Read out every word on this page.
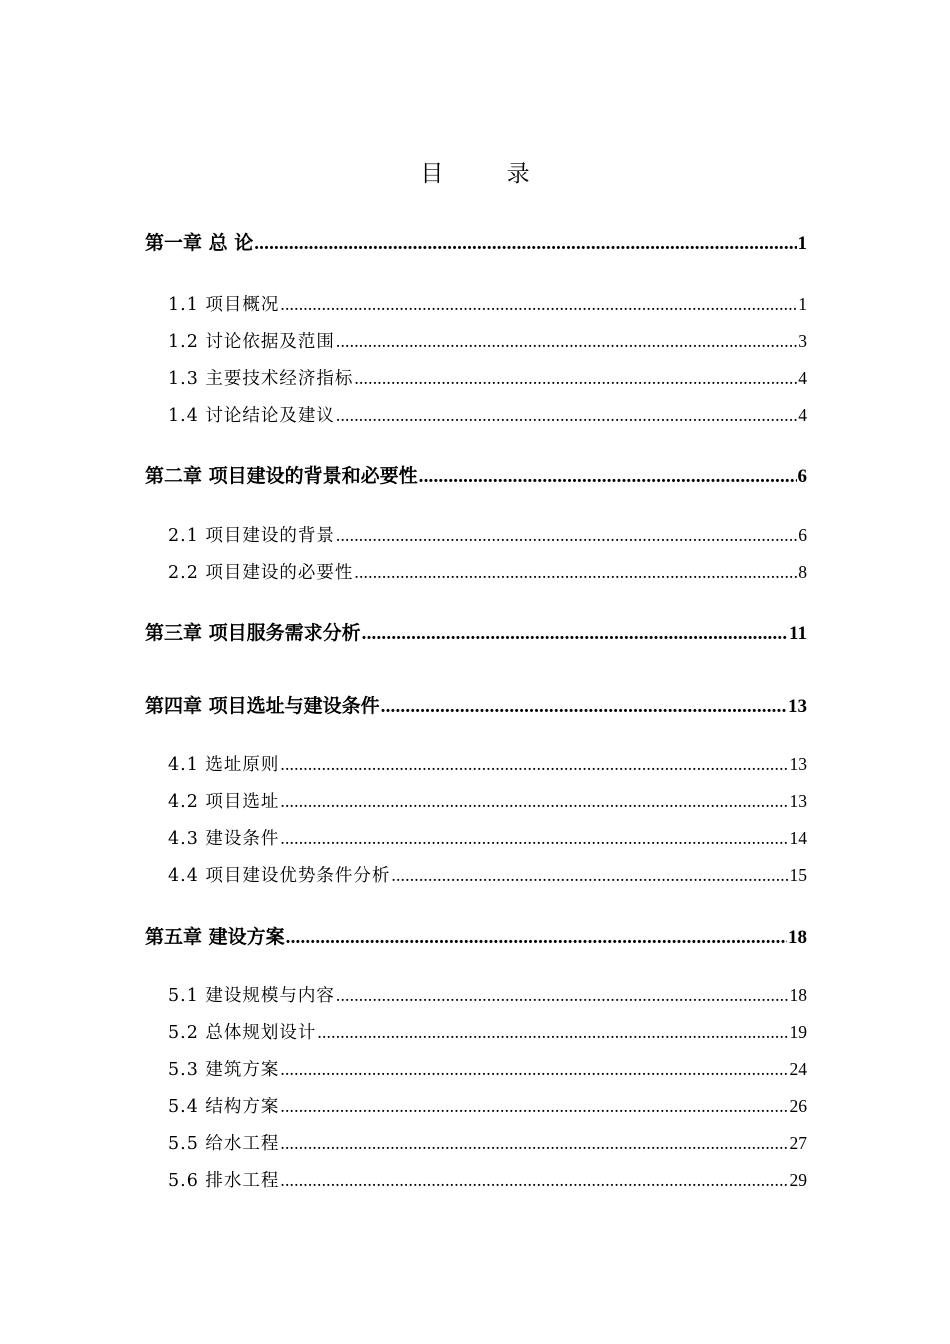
目 录
第一章 总 论 .....	1
1.1 项目概况 .....	1
1.2 讨论依据及范围 .....	3
1.3 主要技术经济指标 .....	4
1.4 讨论结论及建议 .....	4
第二章 项目建设的背景和必要性 .....	6
2.1 项目建设的背景 .....	6
2.2 项目建设的必要性 .....	8
第三章 项目服务需求分析 .....	11
第四章 项目选址与建设条件 .....	13
4.1 选址原则 .....	13
4.2 项目选址 .....	13
4.3 建设条件 .....	14
4.4 项目建设优势条件分析 .....	15
第五章 建设方案 .....	18
5.1 建设规模与内容 .....	18
5.2 总体规划设计 .....	19
5.3 建筑方案 .....	24
5.4 结构方案 .....	26
5.5 给水工程 .....	27
5.6 排水工程 .....	29
